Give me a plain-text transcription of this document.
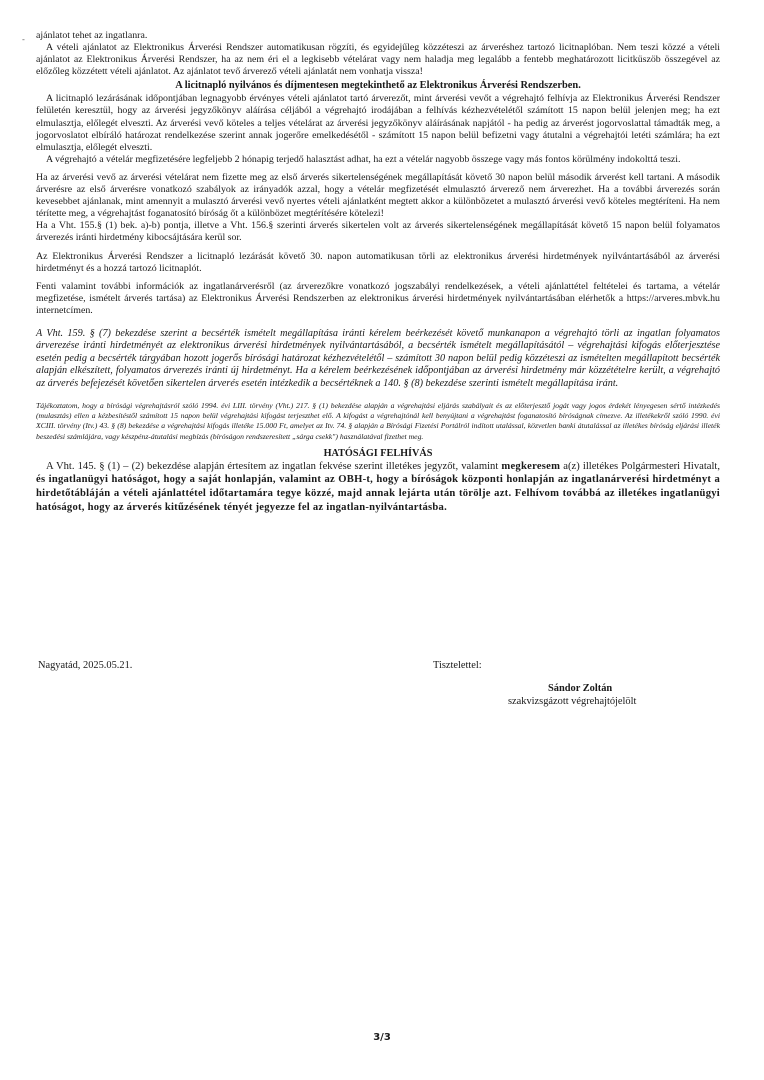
- ajánlatot tehet az ingatlanra.

A vételi ajánlatot az Elektronikus Árverési Rendszer automatikusan rögzíti, és egyidejűleg közzéteszi az árveréshez tartozó licitnaplóban. Nem teszi közzé a vételi ajánlatot az Elektronikus Árverési Rendszer, ha az nem éri el a legkisebb vételárat vagy nem haladja meg legalább a fentebb meghatározott licitküszöb összegével az előzőleg közzétett vételi ajánlatot. Az ajánlatot tevő árverező vételi ajánlatát nem vonhatja vissza!

A licitnapló nyilvános és díjmentesen megtekinthető az Elektronikus Árverési Rendszerben.

A licitnapló lezárásának időpontjában legnagyobb érvényes vételi ajánlatot tartó árverezőt, mint árverési vevőt a végrehajtó felhívja az Elektronikus Árverési Rendszer felületén keresztül, hogy az árverési jegyzőkönyv aláírása céljából a végrehajtó irodájában a felhívás kézhezvételétől számított 15 napon belül jelenjen meg; ha ezt elmulasztja, előlegét elveszti. Az árverési vevő köteles a teljes vételárat az árverési jegyzőkönyv aláírásának napjától - ha pedig az árverést jogorvoslattal támadták meg, a jogorvoslatot elbíráló határozat rendelkezése szerint annak jogerőre emelkedésétől - számított 15 napon belül befizetni vagy átutalni a végrehajtói letéti számlára; ha ezt elmulasztja, előlegét elveszti.

A végrehajtó a vételár megfizetésére legfeljebb 2 hónapig terjedő halasztást adhat, ha ezt a vételár nagyobb összege vagy más fontos körülmény indokolttá teszi.

Ha az árverési vevő az árverési vételárat nem fizette meg az első árverés sikertelenségének megállapítását követő 30 napon belül második árverést kell tartani. A második árverésre az első árverésre vonatkozó szabályok az irányadók azzal, hogy a vételár megfizetését elmulasztó árverező nem árverezhet. Ha a további árverezés során kevesebbet ajánlanak, mint amennyit a mulasztó árverési vevő nyertes vételi ajánlatként megtett akkor a különbözetet a mulasztó árverési vevő köteles megtéríteni. Ha nem térítette meg, a végrehajtást foganatosító bíróság őt a különbözet megtérítésére kötelezi!

Ha a Vht. 155.§ (1) bek. a)-b) pontja, illetve a Vht. 156.§ szerinti árverés sikertelen volt az árverés sikertelenségének megállapítását követő 15 napon belül folyamatos árverezés iránti hirdetmény kibocsájtására kerül sor.

Az Elektronikus Árverési Rendszer a licitnapló lezárását követő 30. napon automatikusan törli az elektronikus árverési hirdetmények nyilvántartásából az árverési hirdetményt és a hozzá tartozó licitnaplót.

Fenti valamint további információk az ingatlanárverésről (az árverezőkre vonatkozó jogszabályi rendelkezések, a vételi ajánlattétel feltételei és tartama, a vételár megfizetése, ismételt árverés tartása) az Elektronikus Árverési Rendszerben az elektronikus árverési hirdetmények nyilvántartásában elérhetők a https://arveres.mbvk.hu internetcímen.

A Vht. 159. § (7) bekezdése szerint a becsérték ismételt megállapítása iránti kérelem beérkezését követő munkanapon a végrehajtó törli az ingatlan folyamatos árverezése iránti hirdetményét az elektronikus árverési hirdetmények nyilvántartásából, a becsérték ismételt megállapításától – végrehajtási kifogás előterjesztése esetén pedig a becsérték tárgyában hozott jogerős bírósági határozat kézhezvételétől – számított 30 napon belül pedig közzéteszi az ismételten megállapított becsérték alapján elkészített, folyamatos árverezés iránti új hirdetményt. Ha a kérelem beérkezésének időpontjában az árverési hirdetmény már közzétételre került, a végrehajtó az árverés befejezését követően sikertelen árverés esetén intézkedik a becsértéknek a 140. § (8) bekezdése szerinti ismételt megállapítása iránt.

Tájékoztatom, hogy a bírósági végrehajtásról szóló 1994. évi LIII. törvény (Vht.) 217. § (1) bekezdése alapján a végrehajtási eljárás szabályait és az előterjesztő jogát vagy jogos érdekét lényegesen sértő intézkedés (mulasztás) ellen a kézbesítéstől számított 15 napon belül végrehajtási kifogást terjeszthet elő. A kifogást a végrehajtónál kell benyújtani a végrehajtást foganatosító bíróságnak címezve. Az illetékekről szóló 1990. évi XCIII. törvény (Itv.) 43. § (8) bekezdése a végrehajtási kifogás illetéke 15.000 Ft, amelyet az Itv. 74. § alapján a Bírósági Fizetési Portálról indított utalással, közvetlen banki átutalással az illetékes bíróság eljárási illeték beszedési számlájára, vagy készpénz-átutalási megbízás (bíróságon rendszeresített „sárga csekk") használatával fizethet meg.

HATÓSÁGI FELHÍVÁS

A Vht. 145. § (1) – (2) bekezdése alapján értesítem az ingatlan fekvése szerint illetékes jegyzőt, valamint megkeresem a(z) illetékes Polgármesteri Hivatalt, és ingatlanügyi hatóságot, hogy a saját honlapján, valamint az OBH-t, hogy a bíróságok központi honlapján az ingatlanárverési hirdetményt a hirdetőtábláján a vételi ajánlattétel időtartamára tegye közzé, majd annak lejárta után törölje azt. Felhívom továbbá az illetékes ingatlanügyi hatóságot, hogy az árverés kitűzésének tényét jegyezze fel az ingatlan-nyilvántartásba.

Nagyatád, 2025.05.21.	Tisztelettel:
Sándor Zoltán
szakvizsgázott végrehajtójelölt
3/3
